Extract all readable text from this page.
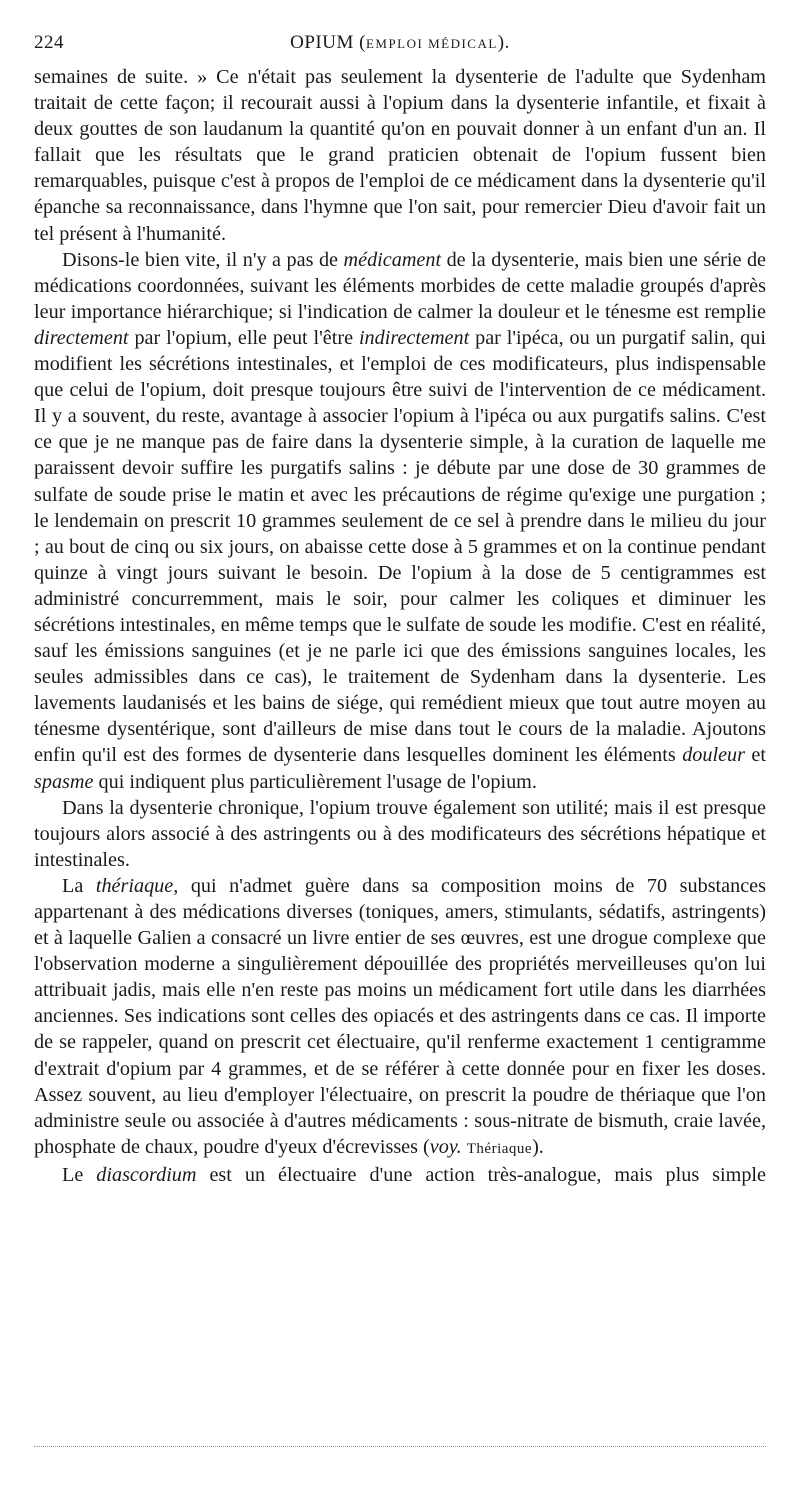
224	OPIUM (EMPLOI MÉDICAL).

semaines de suite. » Ce n'était pas seulement la dysenterie de l'adulte que Sydenham traitait de cette façon; il recourait aussi à l'opium dans la dysenterie infantile, et fixait à deux gouttes de son laudanum la quantité qu'on en pouvait donner à un enfant d'un an. Il fallait que les résultats que le grand praticien obtenait de l'opium fussent bien remarquables, puisque c'est à propos de l'emploi de ce médicament dans la dysenterie qu'il épanche sa reconnaissance, dans l'hymne que l'on sait, pour remercier Dieu d'avoir fait un tel présent à l'humanité.

Disons-le bien vite, il n'y a pas de médicament de la dysenterie, mais bien une série de médications coordonnées, suivant les éléments morbides de cette maladie groupés d'après leur importance hiérarchique; si l'indication de calmer la douleur et le ténesme est remplie directement par l'opium, elle peut l'être indirectement par l'ipéca, ou un purgatif salin, qui modifient les sécrétions intestinales, et l'emploi de ces modificateurs, plus indispensable que celui de l'opium, doit presque toujours être suivi de l'intervention de ce médicament. Il y a souvent, du reste, avantage à associer l'opium à l'ipéca ou aux purgatifs salins. C'est ce que je ne manque pas de faire dans la dysenterie simple, à la curation de laquelle me paraissent devoir suffire les purgatifs salins : je débute par une dose de 30 grammes de sulfate de soude prise le matin et avec les précautions de régime qu'exige une purgation ; le lendemain on prescrit 10 grammes seulement de ce sel à prendre dans le milieu du jour ; au bout de cinq ou six jours, on abaisse cette dose à 5 grammes et on la continue pendant quinze à vingt jours suivant le besoin. De l'opium à la dose de 5 centigrammes est administré concurremment, mais le soir, pour calmer les coliques et diminuer les sécrétions intestinales, en même temps que le sulfate de soude les modifie. C'est en réalité, sauf les émissions sanguines (et je ne parle ici que des émissions sanguines locales, les seules admissibles dans ce cas), le traitement de Sydenham dans la dysenterie. Les lavements laudanisés et les bains de siége, qui remédient mieux que tout autre moyen au ténesme dysentérique, sont d'ailleurs de mise dans tout le cours de la maladie. Ajoutons enfin qu'il est des formes de dysenterie dans lesquelles dominent les éléments douleur et spasme qui indiquent plus particulièrement l'usage de l'opium.

Dans la dysenterie chronique, l'opium trouve également son utilité; mais il est presque toujours alors associé à des astringents ou à des modificateurs des sécrétions hépatique et intestinales.

La thériaque, qui n'admet guère dans sa composition moins de 70 substances appartenant à des médications diverses (toniques, amers, stimulants, sédatifs, astringents) et à laquelle Galien a consacré un livre entier de ses œuvres, est une drogue complexe que l'observation moderne a singulièrement dépouillée des propriétés merveilleuses qu'on lui attribuait jadis, mais elle n'en reste pas moins un médicament fort utile dans les diarrhées anciennes. Ses indications sont celles des opiacés et des astringents dans ce cas. Il importe de se rappeler, quand on prescrit cet électuaire, qu'il renferme exactement 1 centigramme d'extrait d'opium par 4 grammes, et de se référer à cette donnée pour en fixer les doses. Assez souvent, au lieu d'employer l'électuaire, on prescrit la poudre de thériaque que l'on administre seule ou associée à d'autres médicaments : sous-nitrate de bismuth, craie lavée, phosphate de chaux, poudre d'yeux d'écrevisses (voy. Thériaque).

Le diascordium est un électuaire d'une action très-analogue, mais plus simple
